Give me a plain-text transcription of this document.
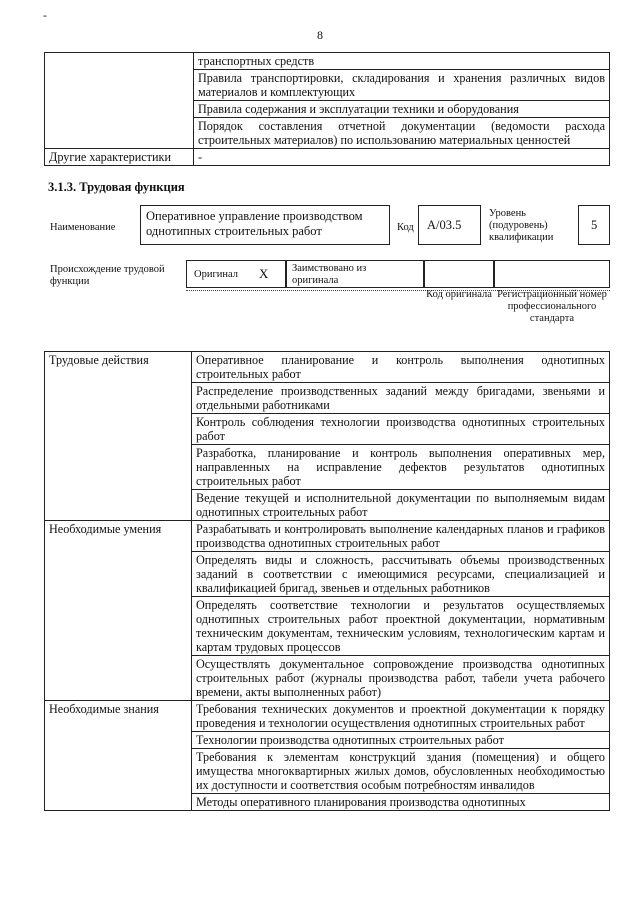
-
8
	транспортных средств
	Правила транспортировки, складирования и хранения различных видов материалов и комплектующих
	Правила содержания и эксплуатации техники и оборудования
	Порядок составления отчетной документации (ведомости расхода строительных материалов) по использованию материальных ценностей
Другие характеристики	-
3.1.3. Трудовая функция
Наименование
Оперативное управление производством однотипных строительных работ	Код	А/03.5
Уровень (подуровень) квалификации
5
Происхождение трудовой функции
Оригинал X Заимствовано из оригинала
Код оригинала Регистрационный номер профессионального стандарта
Трудовые действия	Оперативное планирование и контроль выполнения однотипных строительных работ
	Распределение производственных заданий между бригадами, звеньями и отдельными работниками
	Контроль соблюдения технологии производства однотипных строительных работ
	Разработка, планирование и контроль выполнения оперативных мер, направленных на исправление дефектов результатов однотипных строительных работ
	Ведение текущей и исполнительной документации по выполняемым видам однотипных строительных работ
Необходимые умения	Разрабатывать и контролировать выполнение календарных планов и графиков производства однотипных строительных работ
	Определять виды и сложность, рассчитывать объемы производственных заданий в соответствии с имеющимися ресурсами, специализацией и квалификацией бригад, звеньев и отдельных работников
	Определять соответствие технологии и результатов осуществляемых однотипных строительных работ проектной документации, нормативным техническим документам, техническим условиям, технологическим картам и картам трудовых процессов
	Осуществлять документальное сопровождение производства однотипных строительных работ (журналы производства работ, табели учета рабочего времени, акты выполненных работ)
Необходимые знания	Требования технических документов и проектной документации к порядку проведения и технологии осуществления однотипных строительных работ
	Технологии производства однотипных строительных работ
	Требования к элементам конструкций здания (помещения) и общего имущества многоквартирных жилых домов, обусловленных необходимостью их доступности и соответствия особым потребностям инвалидов
	Методы оперативного планирования производства однотипных
